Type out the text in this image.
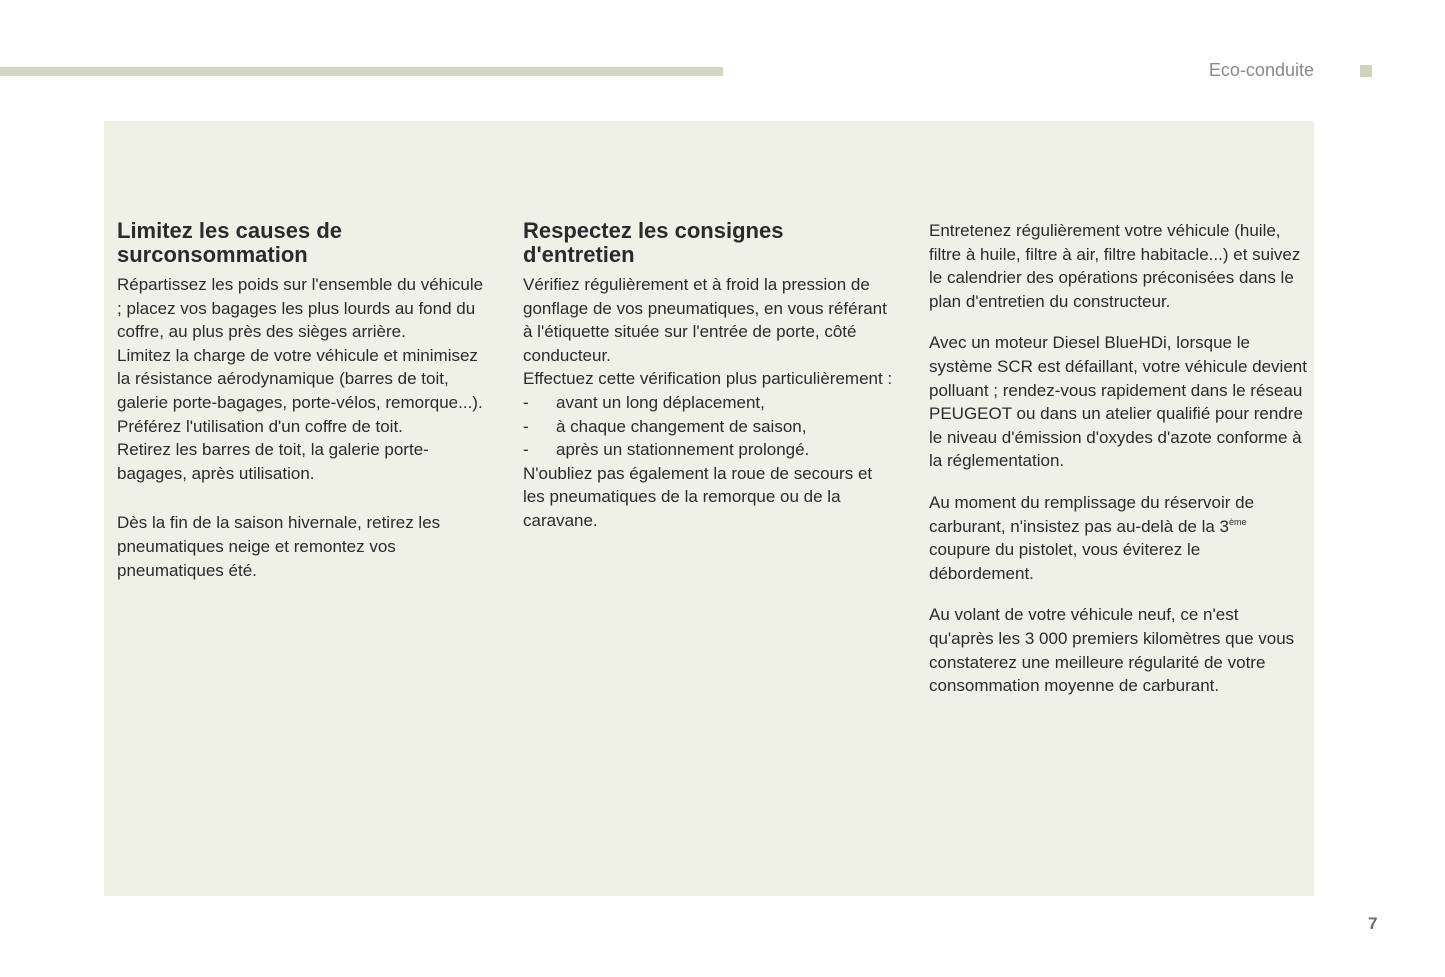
Eco-conduite
Limitez les causes de surconsommation

Répartissez les poids sur l'ensemble du véhicule ; placez vos bagages les plus lourds au fond du coffre, au plus près des sièges arrière.

Limitez la charge de votre véhicule et minimisez la résistance aérodynamique (barres de toit, galerie porte-bagages, porte-vélos, remorque...). Préférez l'utilisation d'un coffre de toit.

Retirez les barres de toit, la galerie porte-bagages, après utilisation.

Dès la fin de la saison hivernale, retirez les pneumatiques neige et remontez vos pneumatiques été.

Respectez les consignes d'entretien

Vérifiez régulièrement et à froid la pression de gonflage de vos pneumatiques, en vous référant à l'étiquette située sur l'entrée de porte, côté conducteur.

Effectuez cette vérification plus particulièrement :

-	avant un long déplacement,
-	à chaque changement de saison,
-	après un stationnement prolongé.

N'oubliez pas également la roue de secours et les pneumatiques de la remorque ou de la caravane.

Entretenez régulièrement votre véhicule (huile, filtre à huile, filtre à air, filtre habitacle...) et suivez le calendrier des opérations préconisées dans le plan d'entretien du constructeur.

Avec un moteur Diesel BlueHDi, lorsque le système SCR est défaillant, votre véhicule devient polluant ; rendez-vous rapidement dans le réseau PEUGEOT ou dans un atelier qualifié pour rendre le niveau d'émission d'oxydes d'azote conforme à la réglementation.

Au moment du remplissage du réservoir de carburant, n'insistez pas au-delà de la 3ème coupure du pistolet, vous éviterez le débordement.

Au volant de votre véhicule neuf, ce n'est qu'après les 3 000 premiers kilomètres que vous constaterez une meilleure régularité de votre consommation moyenne de carburant.

7
